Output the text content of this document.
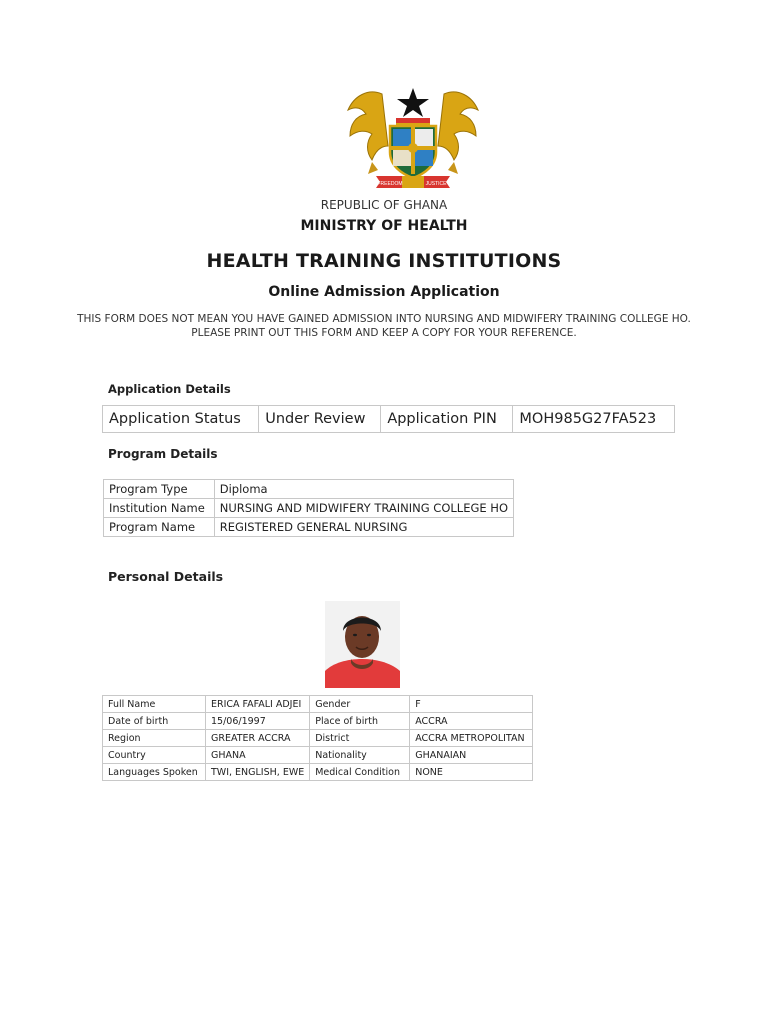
FREEDOM	JUSTICE
REPUBLIC OF GHANA
MINISTRY OF HEALTH
HEALTH TRAINING INSTITUTIONS
Online Admission Application
THIS FORM DOES NOT MEAN YOU HAVE GAINED ADMISSION INTO NURSING AND MIDWIFERY TRAINING COLLEGE HO. PLEASE PRINT OUT THIS FORM AND KEEP A COPY FOR YOUR REFERENCE.
Application Details
Application Status	Under Review	Application PIN	MOH985G27FA523
Program Details
Program Type	Diploma
Institution Name	NURSING AND MIDWIFERY TRAINING COLLEGE HO
Program Name	REGISTERED GENERAL NURSING
Personal Details
Full Name	ERICA FAFALI ADJEI	Gender	F
Date of birth	15/06/1997	Place of birth	ACCRA
Region	GREATER ACCRA	District	ACCRA METROPOLITAN
Country	GHANA	Nationality	GHANAIAN
Languages Spoken	TWI, ENGLISH, EWE	Medical Condition	NONE
